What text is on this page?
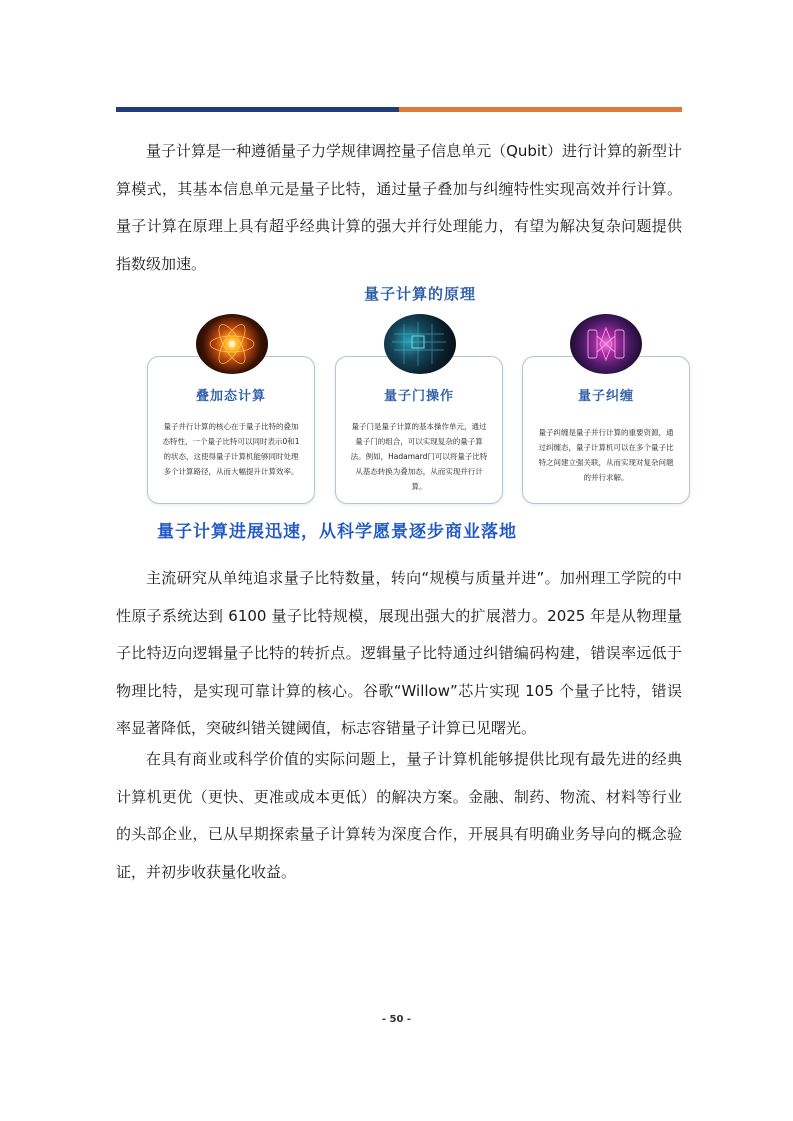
量子计算是一种遵循量子力学规律调控量子信息单元（Qubit）进行计算的新型计算模式，其基本信息单元是量子比特，通过量子叠加与纠缠特性实现高效并行计算。量子计算在原理上具有超乎经典计算的强大并行处理能力，有望为解决复杂问题提供指数级加速。

量子计算的原理
叠加态计算
量子并行计算的核心在于量子比特的叠加态特性，一个量子比特可以同时表示0和1的状态，这使得量子计算机能够同时处理多个计算路径，从而大幅提升计算效率。
量子门操作
量子门是量子计算的基本操作单元，通过量子门的组合，可以实现复杂的量子算法。例如，Hadamard门可以将量子比特从基态转换为叠加态，从而实现并行计算。
量子纠缠
量子纠缠是量子并行计算的重要资源，通过纠缠态，量子计算机可以在多个量子比特之间建立强关联，从而实现对复杂问题的并行求解。
量子计算进展迅速，从科学愿景逐步商业落地

主流研究从单纯追求量子比特数量，转向“规模与质量并进”。加州理工学院的中性原子系统达到 6100 量子比特规模，展现出强大的扩展潜力。2025 年是从物理量子比特迈向逻辑量子比特的转折点。逻辑量子比特通过纠错编码构建，错误率远低于物理比特，是实现可靠计算的核心。谷歌“Willow”芯片实现 105 个量子比特，错误率显著降低，突破纠错关键阈值，标志容错量子计算已见曙光。

在具有商业或科学价值的实际问题上，量子计算机能够提供比现有最先进的经典计算机更优（更快、更准或成本更低）的解决方案。金融、制药、物流、材料等行业的头部企业，已从早期探索量子计算转为深度合作，开展具有明确业务导向的概念验证，并初步收获量化收益。

- 50 -
